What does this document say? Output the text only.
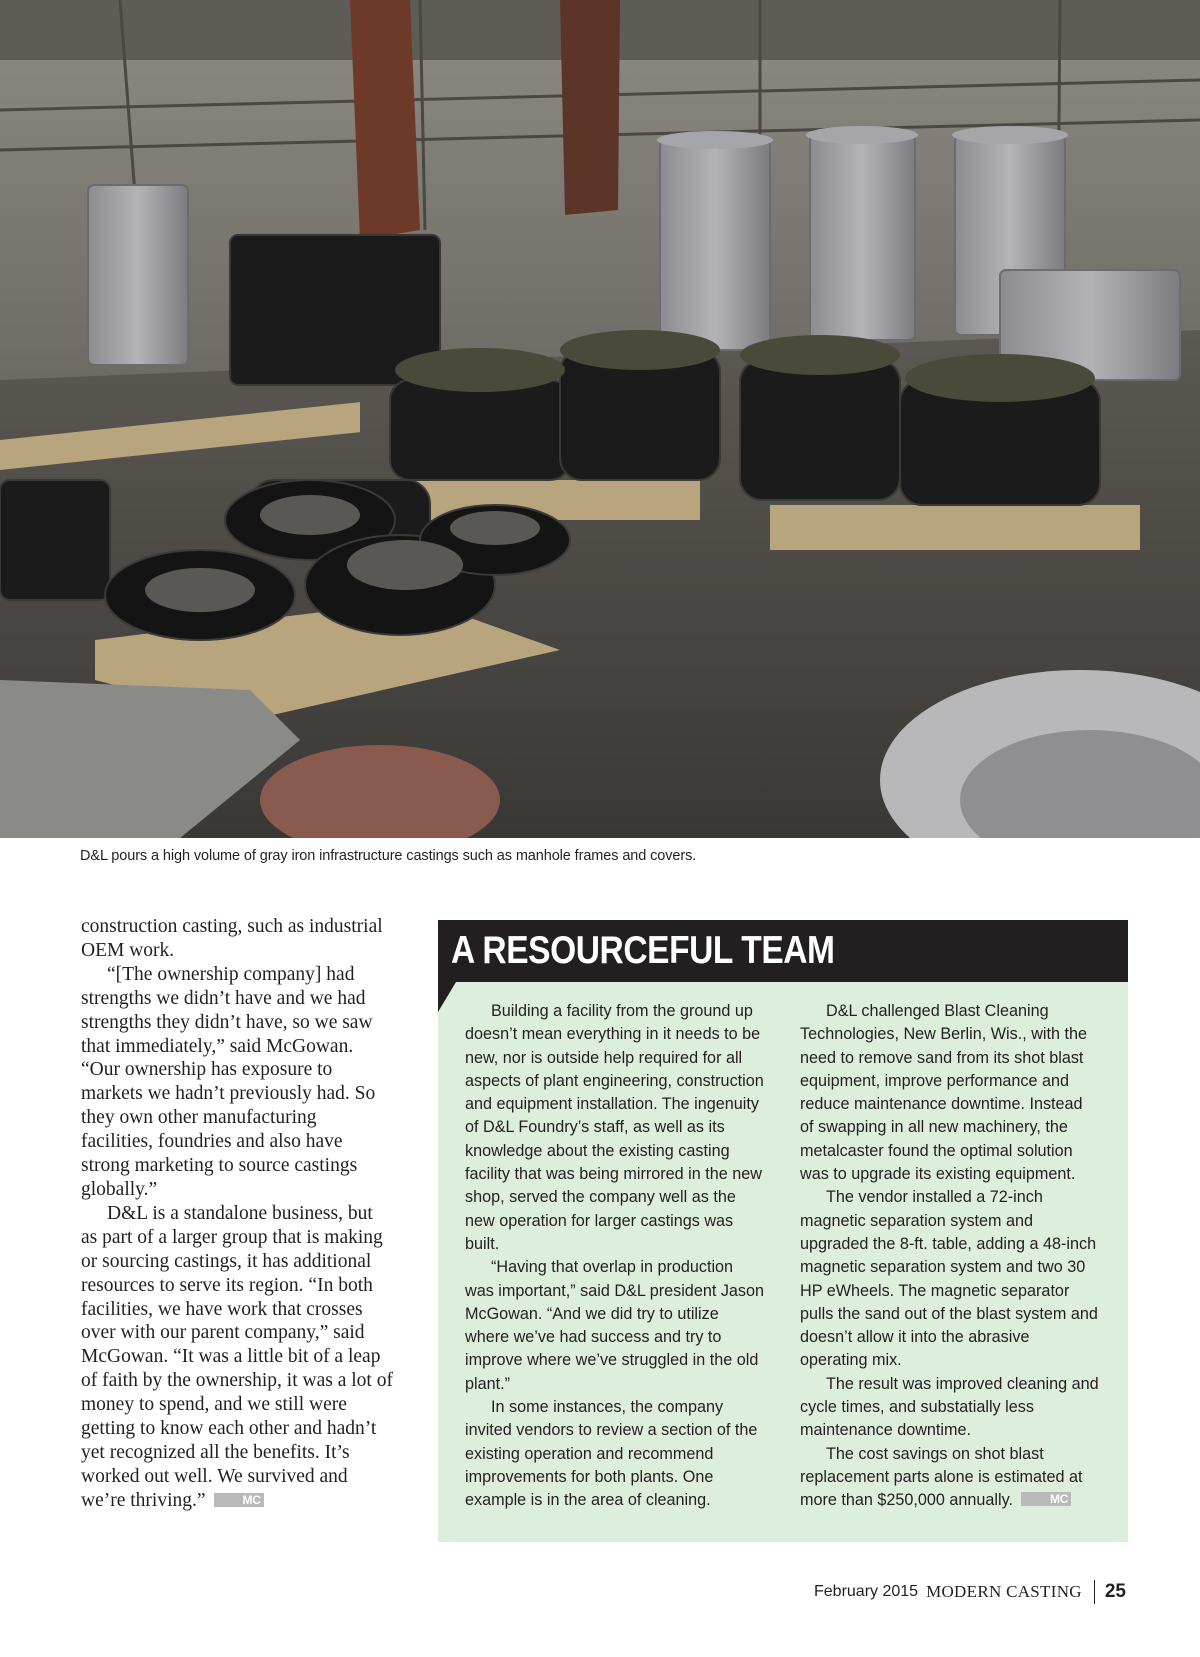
D&L pours a high volume of gray iron infrastructure castings such as manhole frames and covers.

construction casting, such as industrial OEM work.

“[The ownership company] had strengths we didn’t have and we had strengths they didn’t have, so we saw that immediately,” said McGowan. “Our ownership has exposure to markets we hadn’t previously had. So they own other manufacturing facilities, foundries and also have strong marketing to source castings globally.”

D&L is a standalone business, but as part of a larger group that is making or sourcing castings, it has additional resources to serve its region. “In both facilities, we have work that crosses over with our parent company,” said McGowan. “It was a little bit of a leap of faith by the ownership, it was a lot of money to spend, and we still were getting to know each other and hadn’t yet recognized all the benefits. It’s worked out well. We survived and we’re thriving.”	MC

A RESOURCEFUL TEAM

Building a facility from the ground up doesn’t mean everything in it needs to be new, nor is outside help required for all aspects of plant engineering, construction and equipment installation. The ingenuity of D&L Foundry’s staff, as well as its knowledge about the existing casting facility that was being mirrored in the new shop, served the company well as the new operation for larger castings was built.

“Having that overlap in production was important,” said D&L president Jason McGowan. “And we did try to utilize where we’ve had success and try to improve where we’ve struggled in the old plant.”

In some instances, the company invited vendors to review a section of the existing operation and recommend improvements for both plants. One example is in the area of cleaning.

D&L challenged Blast Cleaning Technologies, New Berlin, Wis., with the need to remove sand from its shot blast equipment, improve performance and reduce maintenance downtime. Instead of swapping in all new machinery, the metalcaster found the optimal solution was to upgrade its existing equipment.

The vendor installed a 72-inch magnetic separation system and upgraded the 8-ft. table, adding a 48-inch magnetic separation system and two 30 HP eWheels. The magnetic separator pulls the sand out of the blast system and doesn’t allow it into the abrasive operating mix.

The result was improved cleaning and cycle times, and substatially less maintenance downtime.

The cost savings on shot blast replacement parts alone is estimated at more than $250,000 annually.	MC

February 2015 MODERN CASTING 25
